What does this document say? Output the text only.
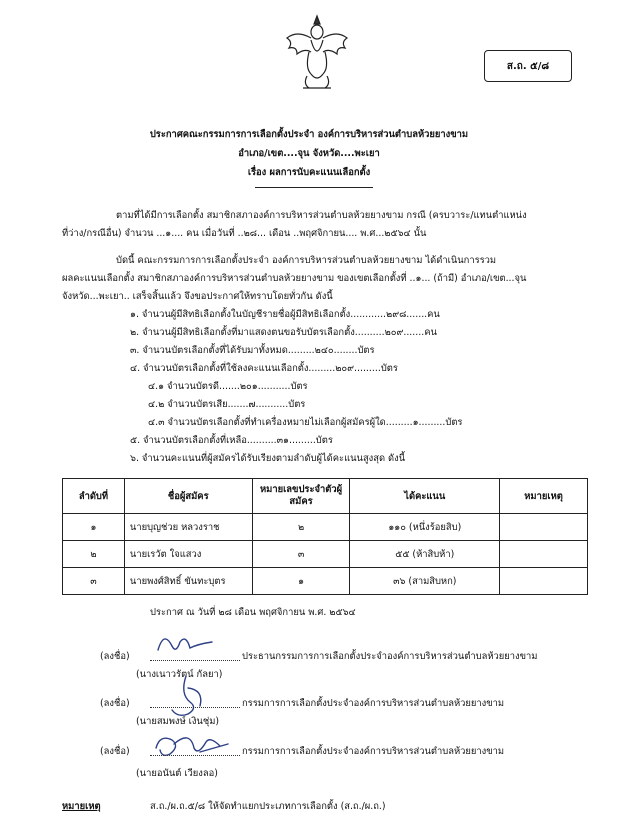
ส.ถ. ๕/๘
ประกาศคณะกรรมการการเลือกตั้งประจำ องค์การบริหารส่วนตำบลห้วยยางขาม
อำเภอ/เขต....จุน จังหวัด....พะเยา
เรื่อง ผลการนับคะแนนเลือกตั้ง
ตามที่ได้มีการเลือกตั้ง สมาชิกสภาองค์การบริหารส่วนตำบลห้วยยางขาม กรณี (ครบวาระ/แทนตำแหน่ง
ที่ว่าง/กรณีอื่น) จำนวน ...๑.... คน เมื่อวันที่ ..๒๘... เดือน ..พฤศจิกายน.... พ.ศ...๒๕๖๔ นั้น
บัดนี้ คณะกรรมการการเลือกตั้งประจำ องค์การบริหารส่วนตำบลห้วยยางขาม ได้ดำเนินการรวม
ผลคะแนนเลือกตั้ง สมาชิกสภาองค์การบริหารส่วนตำบลห้วยยางขาม ของเขตเลือกตั้งที่ ..๑... (ถ้ามี) อำเภอ/เขต...จุน
จังหวัด...พะเยา.. เสร็จสิ้นแล้ว จึงขอประกาศให้ทราบโดยทั่วกัน ดังนี้
๑. จำนวนผู้มีสิทธิเลือกตั้งในบัญชีรายชื่อผู้มีสิทธิเลือกตั้ง............๒๙๘.......คน
๒. จำนวนผู้มีสิทธิเลือกตั้งที่มาแสดงตนขอรับบัตรเลือกตั้ง..........๒๐๙.......คน
๓. จำนวนบัตรเลือกตั้งที่ได้รับมาทั้งหมด.........๒๔๐........บัตร
๔. จำนวนบัตรเลือกตั้งที่ใช้ลงคะแนนเลือกตั้ง.........๒๐๙.........บัตร
๔.๑ จำนวนบัตรดี.......๒๐๑...........บัตร
๔.๒ จำนวนบัตรเสีย.......๗...........บัตร
๔.๓ จำนวนบัตรเลือกตั้งที่ทำเครื่องหมายไม่เลือกผู้สมัครผู้ใด.........๑.........บัตร
๕. จำนวนบัตรเลือกตั้งที่เหลือ..........๓๑.........บัตร
๖. จำนวนคะแนนที่ผู้สมัครได้รับเรียงตามลำดับผู้ได้คะแนนสูงสุด ดังนี้
ลำดับที่	ชื่อผู้สมัคร	หมายเลขประจำตัวผู้สมัคร	ได้คะแนน	หมายเหตุ
๑	นายบุญช่วย หลวงราช	๒	๑๑๐ (หนึ่งร้อยสิบ)	
๒	นายเรวัต ใจแสวง	๓	๕๕ (ห้าสิบห้า)	
๓	นายพงศ์สิทธิ์ ขันทะบุตร	๑	๓๖ (สามสิบหก)	
ประกาศ ณ วันที่ ๒๘ เดือน พฤศจิกายน พ.ศ. ๒๕๖๔
(ลงชื่อ)	ประธานกรรมการการเลือกตั้งประจำองค์การบริหารส่วนตำบลห้วยยางขาม
(นางเนาวรัตน์ กัลยา)
(ลงชื่อ)	กรรมการการเลือกตั้งประจำองค์การบริหารส่วนตำบลห้วยยางขาม
(นายสมพงษ์ เงินชุ่ม)
(ลงชื่อ)	กรรมการการเลือกตั้งประจำองค์การบริหารส่วนตำบลห้วยยางขาม
(นายอนันต์ เวียงลอ)
หมายเหตุ	ส.ถ./ผ.ถ.๕/๘ ให้จัดทำแยกประเภทการเลือกตั้ง (ส.ถ./ผ.ถ.)
